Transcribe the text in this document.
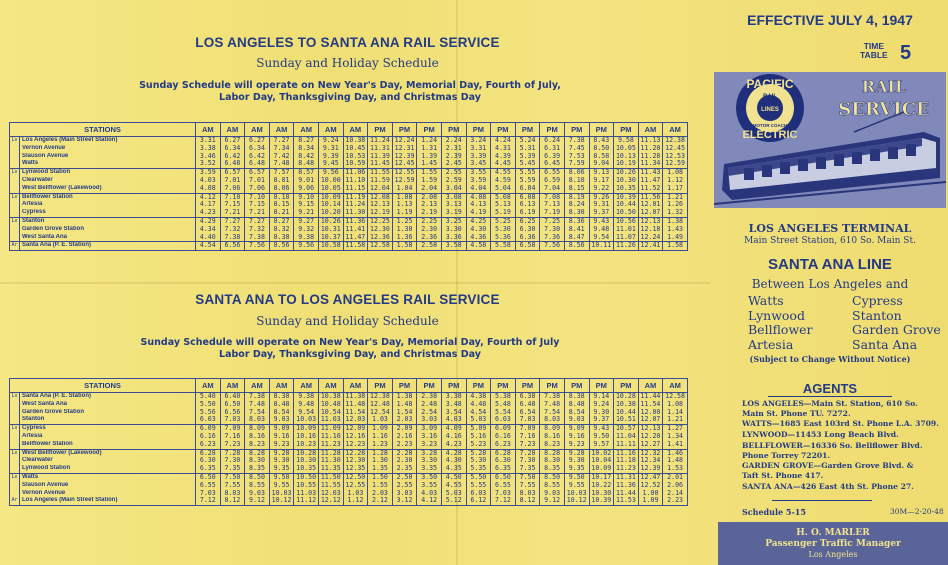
LOS ANGELES TO SANTA ANA RAIL SERVICE
Sunday and Holiday Schedule
Sunday Schedule will operate on New Year's Day, Memorial Day, Fourth of July,
Labor Day, Thanksgiving Day, and Christmas Day
STATIONS		AM	AM	AM	AM	AM	AM	AM	PM	PM	PM	PM	PM	PM	PM	PM	PM	PM	PM	AM	AM
Lv	Los Angeles (Main Street Station)	3.31	6.27	6.27	7.27	8.27	9.24	10.38	11.24	12.24	1.24	2.24	3.24	4.24	5.24	6.24	7.38	8.43	9.58	11.13	12.38
	Vernon Avenue	3.38	6.34	6.34	7.34	8.34	9.31	10.45	11.31	12.31	1.31	2.31	3.31	4.31	5.31	6.31	7.45	8.50	10.05	11.20	12.45
	Slauson Avenue	3.46	6.42	6.42	7.42	8.42	9.39	10.53	11.39	12.39	1.39	2.39	3.39	4.39	5.39	6.39	7.53	8.58	10.13	11.28	12.53
	Watts	3.52	6.48	6.48	7.48	8.48	9.45	10.59	11.45	12.45	1.45	2.45	3.45	4.45	5.45	6.45	7.59	9.04	10.19	11.34	12.59
Lv	Lynwood Station	3.59	6.57	6.57	7.57	8.57	9.56	11.06	11.55	12.55	1.55	2.55	3.55	4.55	5.55	6.55	8.06	9.13	10.26	11.43	1.08
	Clearwater	4.03	7.01	7.01	8.01	9.01	10.00	11.10	11.59	12.59	1.59	2.59	3.59	4.59	5.59	6.59	8.10	9.17	10.30	11.47	1.12
	West Bellflower (Lakewood)	4.08	7.06	7.06	8.06	9.06	10.05	11.15	12.04	1.04	2.04	3.04	4.04	5.04	6.04	7.04	8.15	9.22	10.35	11.52	1.17
Lv	Bellflower Station	4.12	7.10	7.10	8.10	9.10	10.09	11.19	12.08	1.08	2.08	3.08	4.08	5.08	6.08	7.08	8.19	9.26	10.39	11.56	1.21
	Artesia	4.17	7.15	7.15	8.15	9.15	10.14	11.24	12.13	1.13	2.13	3.13	4.13	5.13	6.13	7.13	8.24	9.31	10.44	12.01	1.26
	Cypress	4.23	7.21	7.21	8.21	9.21	10.20	11.30	12.19	1.19	2.19	3.19	4.19	5.19	6.19	7.19	8.30	9.37	10.50	12.07	1.32
Lv	Stanton	4.29	7.27	7.27	8.27	9.27	10.26	11.36	12.25	1.25	2.25	3.25	4.25	5.25	6.25	7.25	8.36	9.43	10.56	12.13	1.38
	Garden Grove Station	4.34	7.32	7.32	8.32	9.32	10.31	11.41	12.30	1.30	2.30	3.30	4.30	5.30	6.30	7.30	8.41	9.48	11.01	12.18	1.43
	West Santa Ana	4.40	7.38	7.38	8.38	9.38	10.37	11.47	12.36	1.36	2.36	3.36	4.36	5.36	6.36	7.36	8.47	9.54	11.07	12.24	1.49
Ar	Santa Ana (P. E. Station)	4.54	6.56	7.56	8.56	9.56	10.58	11.58	12.58	1.58	2.58	3.58	4.58	5.58	6.58	7.56	8.56	10.11	11.26	12.41	1.58
SANTA ANA TO LOS ANGELES RAIL SERVICE
Sunday and Holiday Schedule
Sunday Schedule will operate on New Year's Day, Memorial Day, Fourth of July
Labor Day, Thanksgiving Day, and Christmas Day
STATIONS		AM	AM	AM	AM	AM	AM	AM	PM	PM	PM	PM	PM	PM	PM	PM	PM	PM	PM	AM	AM
Lv	Santa Ana (P. E. Station)	5.40	6.40	7.38	8.38	9.38	10.38	11.38	12.38	1.38	2.38	3.38	4.38	5.38	6.38	7.38	8.38	9.14	10.28	11.44	12.58
	West Santa Ana	5.50	6.50	7.48	8.48	9.48	10.48	11.48	12.48	1.48	2.48	3.48	4.48	5.48	6.48	7.48	8.48	9.24	10.38	11.54	1.08
	Garden Grove Station	5.56	6.56	7.54	8.54	9.54	10.54	11.54	12.54	1.54	2.54	3.54	4.54	5.54	6.54	7.54	8.54	9.30	10.44	12.00	1.14
	Stanton	6.03	7.03	8.03	9.03	10.03	11.03	12.03	1.03	2.03	3.03	4.03	5.03	6.03	7.03	8.03	9.03	9.37	10.51	12.07	1.21
Lv	Cypress	6.09	7.09	8.09	9.09	10.09	11.09	12.09	1.09	2.09	3.09	4.09	5.09	6.09	7.09	8.09	9.09	9.43	10.57	12.13	1.27
	Artesia	6.16	7.16	8.16	9.16	10.16	11.16	12.16	1.16	2.16	3.16	4.16	5.16	6.16	7.16	8.16	9.16	9.50	11.04	12.20	1.34
	Bellflower Station	6.23	7.23	8.23	9.23	10.23	11.23	12.23	1.23	2.23	3.23	4.23	5.23	6.23	7.23	8.23	9.23	9.57	11.11	12.27	1.41
Lv	West Bellflower (Lakewood)	6.28	7.28	8.28	9.28	10.28	11.28	12.28	1.28	2.28	3.28	4.28	5.28	6.28	7.28	8.28	9.28	10.02	11.16	12.32	1.46
	Clearwater	6.30	7.30	8.30	9.30	10.30	11.30	12.30	1.30	2.30	3.30	4.30	5.30	6.30	7.30	8.30	9.30	10.04	11.18	12.34	1.48
	Lynwood Station	6.35	7.35	8.35	9.35	10.35	11.35	12.35	1.35	2.35	3.35	4.35	5.35	6.35	7.35	8.35	9.35	10.09	11.23	12.39	1.53
Lv	Watts	6.50	7.50	8.50	9.50	10.50	11.50	12.50	1.50	2.50	3.50	4.50	5.50	6.50	7.50	8.50	9.50	10.17	11.31	12.47	2.01
	Slauson Avenue	6.55	7.55	8.55	9.55	10.55	11.55	12.55	1.55	2.55	3.55	4.55	5.55	6.55	7.55	8.55	9.55	10.22	11.36	12.52	2.06
	Vernon Avenue	7.03	8.03	9.03	10.03	11.03	12.03	1.03	2.03	3.03	4.03	5.03	6.03	7.03	8.03	9.03	10.03	10.30	11.44	1.00	2.14
Ar	Los Angeles (Main Street Station)	7.12	8.12	9.12	10.12	11.12	12.12	1.12	2.12	3.12	4.12	5.12	6.12	7.12	8.12	9.12	10.12	10.39	11.53	1.09	2.23
EFFECTIVE JULY 4, 1947
TIME
TABLE 5
PACIFIC
ELECTRIC
RAIL
MOTOR COACH
LINES
RAIL
SERVICE
LOS ANGELES TERMINAL
Main Street Station, 610 So. Main St.
SANTA ANA LINE
Between Los Angeles and
Watts
Lynwood
Bellflower
Artesia
Cypress
Stanton
Garden Grove
Santa Ana
(Subject to Change Without Notice)
AGENTS
LOS ANGELES—Main St. Station, 610 So.
Main St. Phone TU. 7272.
WATTS—1685 East 103rd St. Phone L.A. 3709.
LYNWOOD—11453 Long Beach Blvd.
BELLFLOWER—16336 So. Bellflower Blvd.
Phone Torrey 72201.
GARDEN GROVE—Garden Grove Blvd. &
Taft St. Phone 417.
SANTA ANA—426 East 4th St. Phone 27.
Schedule 5-15	30M—2-20-48
H. O. MARLER
Passenger Traffic Manager
Los Angeles
